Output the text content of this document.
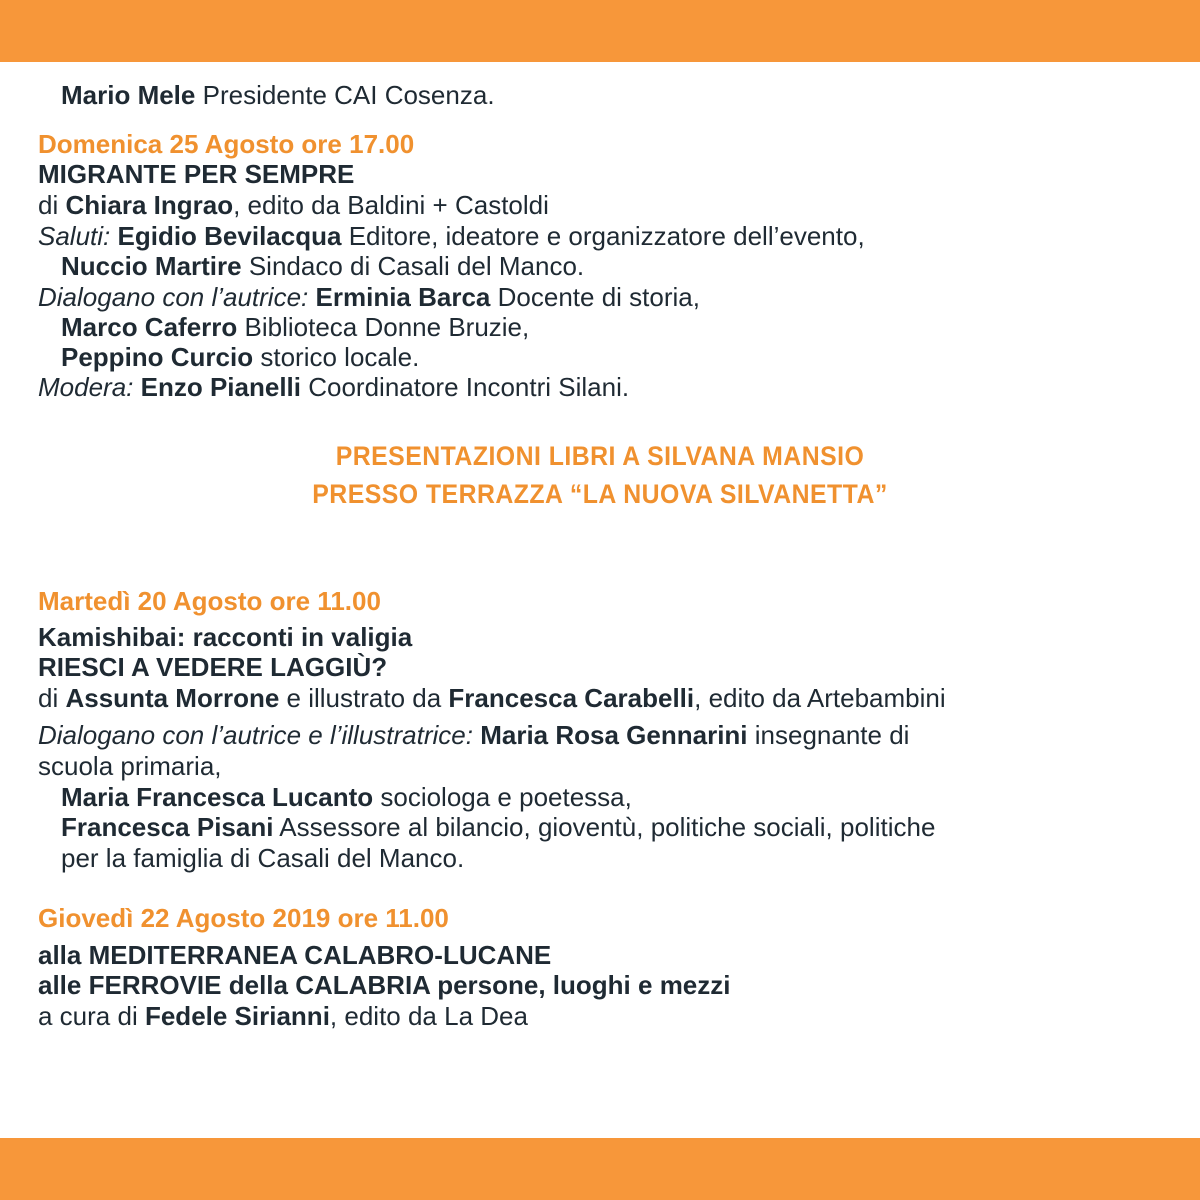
Mario Mele Presidente CAI Cosenza.
Domenica 25 Agosto ore 17.00
MIGRANTE PER SEMPRE
di Chiara Ingrao, edito da Baldini + Castoldi
Saluti: Egidio Bevilacqua Editore, ideatore e organizzatore dell’evento,
Nuccio Martire Sindaco di Casali del Manco.
Dialogano con l’autrice: Erminia Barca Docente di storia,
Marco Caferro Biblioteca Donne Bruzie,
Peppino Curcio storico locale.
Modera: Enzo Pianelli Coordinatore Incontri Silani.
PRESENTAZIONI LIBRI A SILVANA MANSIO
PRESSO TERRAZZA “LA NUOVA SILVANETTA”
Martedì 20 Agosto ore 11.00
Kamishibai: racconti in valigia
RIESCI A VEDERE LAGGIÙ?
di Assunta Morrone e illustrato da Francesca Carabelli, edito da Artebambini
Dialogano con l’autrice e l’illustratrice: Maria Rosa Gennarini insegnante di
scuola primaria,
Maria Francesca Lucanto sociologa e poetessa,
Francesca Pisani Assessore al bilancio, gioventù, politiche sociali, politiche
per la famiglia di Casali del Manco.
Giovedì 22 Agosto 2019 ore 11.00
alla MEDITERRANEA CALABRO-LUCANE
alle FERROVIE della CALABRIA persone, luoghi e mezzi
a cura di Fedele Sirianni, edito da La Dea
